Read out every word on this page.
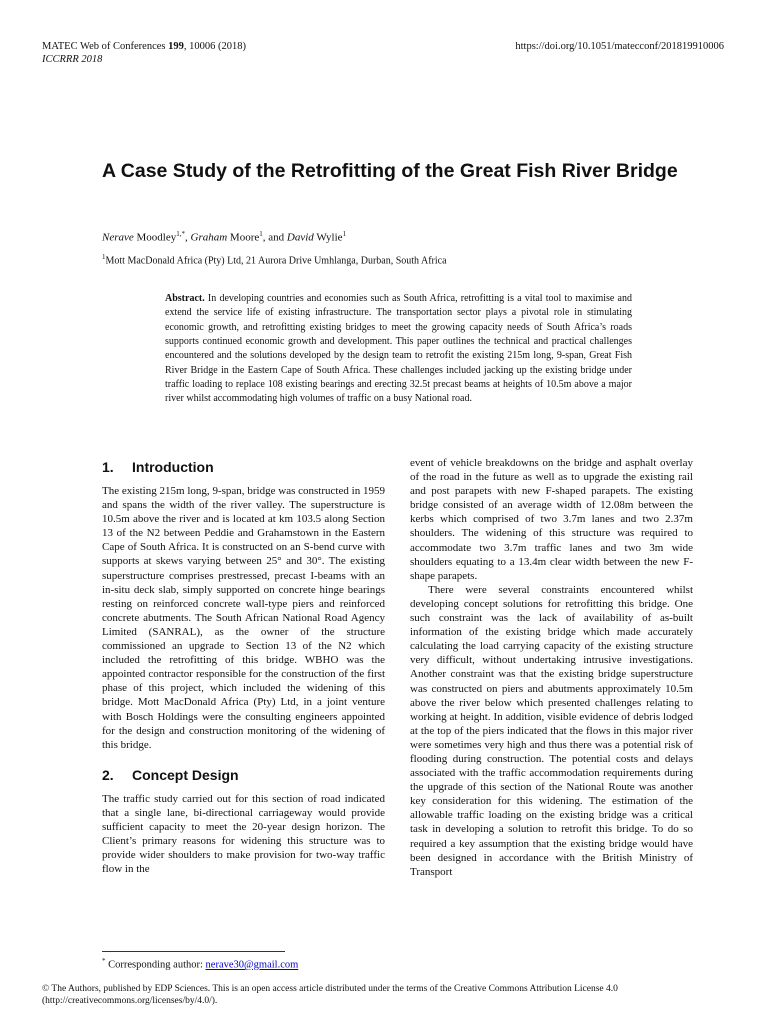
MATEC Web of Conferences 199, 10006 (2018)
ICCRRR 2018
https://doi.org/10.1051/matecconf/201819910006
A Case Study of the Retrofitting of the Great Fish River Bridge
Nerave Moodley$^{1,*}$, Graham Moore$^1$, and David Wylie$^1$
$^1$Mott MacDonald Africa (Pty) Ltd, 21 Aurora Drive Umhlanga, Durban, South Africa

Abstract. In developing countries and economies such as South Africa, retrofitting is a vital tool to maximise and extend the service life of existing infrastructure. The transportation sector plays a pivotal role in stimulating economic growth, and retrofitting existing bridges to meet the growing capacity needs of South Africa’s roads supports continued economic growth and development. This paper outlines the technical and practical challenges encountered and the solutions developed by the design team to retrofit the existing 215m long, 9-span, Great Fish River Bridge in the Eastern Cape of South Africa. These challenges included jacking up the existing bridge under traffic loading to replace 108 existing bearings and erecting 32.5t precast beams at heights of 10.5m above a major river whilst accommodating high volumes of traffic on a busy National road.

1.	Introduction

The existing 215m long, 9-span, bridge was constructed in 1959 and spans the width of the river valley. The superstructure is 10.5m above the river and is located at km 103.5 along Section 13 of the N2 between Peddie and Grahamstown in the Eastern Cape of South Africa. It is constructed on an S-bend curve with supports at skews varying between 25° and 30°. The existing superstructure comprises prestressed, precast I-beams with an in-situ deck slab, simply supported on concrete hinge bearings resting on reinforced concrete wall-type piers and reinforced concrete abutments. The South African National Road Agency Limited (SANRAL), as the owner of the structure commissioned an upgrade to Section 13 of the N2 which included the retrofitting of this bridge. WBHO was the appointed contractor responsible for the construction of the first phase of this project, which included the widening of this bridge. Mott MacDonald Africa (Pty) Ltd, in a joint venture with Bosch Holdings were the consulting engineers appointed for the design and construction monitoring of the widening of this bridge.

2.	Concept Design

The traffic study carried out for this section of road indicated that a single lane, bi-directional carriageway would provide sufficient capacity to meet the 20-year design horizon. The Client’s primary reasons for widening this structure was to provide wider shoulders to make provision for two-way traffic flow in the

event of vehicle breakdowns on the bridge and asphalt overlay of the road in the future as well as to upgrade the existing rail and post parapets with new F-shaped parapets. The existing bridge consisted of an average width of 12.08m between the kerbs which comprised of two 3.7m lanes and two 2.37m shoulders. The widening of this structure was required to accommodate two 3.7m traffic lanes and two 3m wide shoulders equating to a 13.4m clear width between the new F-shape parapets.

There were several constraints encountered whilst developing concept solutions for retrofitting this bridge. One such constraint was the lack of availability of as-built information of the existing bridge which made accurately calculating the load carrying capacity of the existing structure very difficult, without undertaking intrusive investigations. Another constraint was that the existing bridge superstructure was constructed on piers and abutments approximately 10.5m above the river below which presented challenges relating to working at height. In addition, visible evidence of debris lodged at the top of the piers indicated that the flows in this major river were sometimes very high and thus there was a potential risk of flooding during construction. The potential costs and delays associated with the traffic accommodation requirements during the upgrade of this section of the National Route was another key consideration for this widening. The estimation of the allowable traffic loading on the existing bridge was a critical task in developing a solution to retrofit this bridge. To do so required a key assumption that the existing bridge would have been designed in accordance with the British Ministry of Transport

* Corresponding author: nerave30@gmail.com
© The Authors, published by EDP Sciences. This is an open access article distributed under the terms of the Creative Commons Attribution License 4.0
(http://creativecommons.org/licenses/by/4.0/).
